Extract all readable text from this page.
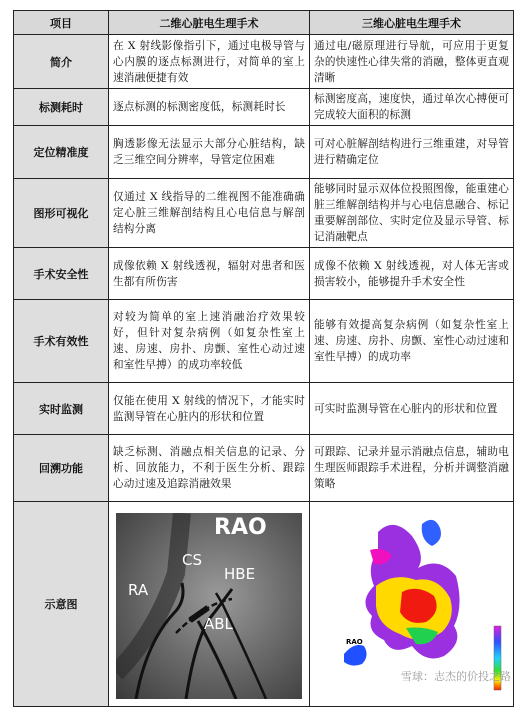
项目	二维心脏电生理手术	三维心脏电生理手术
简介	在 X 射线影像指引下，通过电极导管与心内膜的逐点标测进行，对简单的室上速消融便捷有效	通过电/磁原理进行导航，可应用于更复杂的快速性心律失常的消融，整体更直观清晰
标测耗时	逐点标测的标测密度低，标测耗时长	标测密度高，速度快，通过单次心搏便可完成较大面积的标测
定位精准度	胸透影像无法显示大部分心脏结构，缺乏三维空间分辨率，导管定位困难	可对心脏解剖结构进行三维重建，对导管进行精确定位
图形可视化	仅通过 X 线指导的二维视图不能准确确定心脏三维解剖结构且心电信息与解剖结构分离	能够同时显示双体位投照图像，能重建心脏三维解剖结构并与心电信息融合、标记重要解剖部位、实时定位及显示导管、标记消融靶点
手术安全性	成像依赖 X 射线透视，辐射对患者和医生都有所伤害	成像不依赖 X 射线透视，对人体无害或损害较小，能够提升手术安全性
手术有效性	对较为简单的室上速消融治疗效果较好，但针对复杂病例（如复杂性室上速、房速、房扑、房颤、室性心动过速和室性早搏）的成功率较低	能够有效提高复杂病例（如复杂性室上速、房速、房扑、房颤、室性心动过速和室性早搏）的成功率
实时监测	仅能在使用 X 射线的情况下，才能实时监测导管在心脏内的形状和位置	可实时监测导管在心脏内的形状和位置
回溯功能	缺乏标测、消融点相关信息的记录、分析、回放能力，不利于医生分析、跟踪心动过速及追踪消融效果	可跟踪、记录并显示消融点信息，辅助电生理医师跟踪手术进程，分析并调整消融策略
示意图	RAO
CS
HBE
RA
ABL	RAO
雪球：志杰的价投之路
